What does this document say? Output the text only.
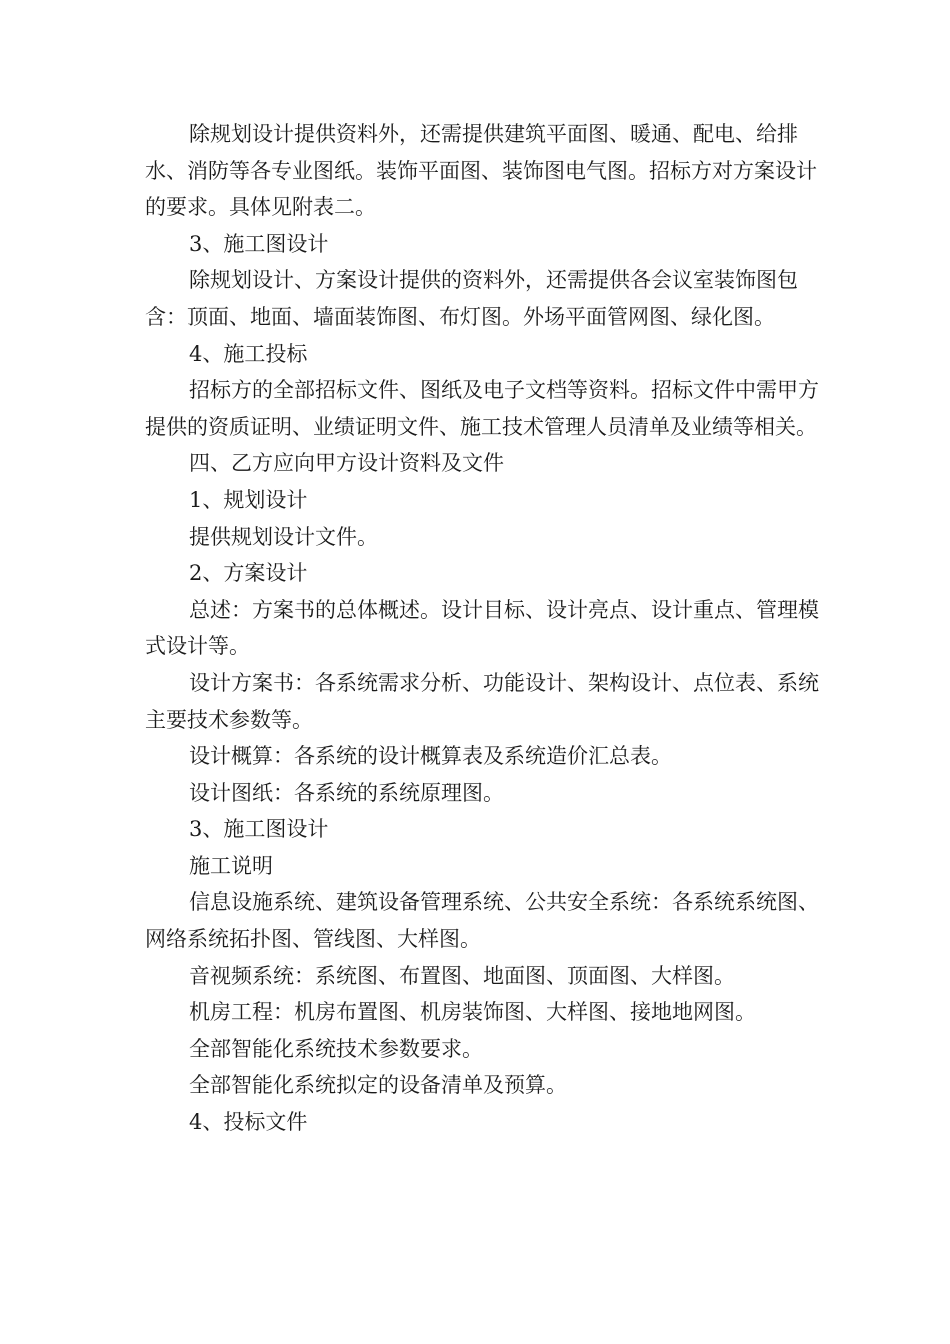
除规划设计提供资料外，还需提供建筑平面图、暖通、配电、给排水、消防等各专业图纸。装饰平面图、装饰图电气图。招标方对方案设计的要求。具体见附表二。

3、施工图设计

除规划设计、方案设计提供的资料外，还需提供各会议室装饰图包含：顶面、地面、墙面装饰图、布灯图。外场平面管网图、绿化图。

4、施工投标

招标方的全部招标文件、图纸及电子文档等资料。招标文件中需甲方提供的资质证明、业绩证明文件、施工技术管理人员清单及业绩等相关。

四、乙方应向甲方设计资料及文件

1、规划设计

提供规划设计文件。

2、方案设计

总述：方案书的总体概述。设计目标、设计亮点、设计重点、管理模式设计等。

设计方案书：各系统需求分析、功能设计、架构设计、点位表、系统主要技术参数等。

设计概算：各系统的设计概算表及系统造价汇总表。

设计图纸：各系统的系统原理图。

3、施工图设计

施工说明

信息设施系统、建筑设备管理系统、公共安全系统：各系统系统图、网络系统拓扑图、管线图、大样图。

音视频系统：系统图、布置图、地面图、顶面图、大样图。

机房工程：机房布置图、机房装饰图、大样图、接地地网图。

全部智能化系统技术参数要求。

全部智能化系统拟定的设备清单及预算。

4、投标文件
